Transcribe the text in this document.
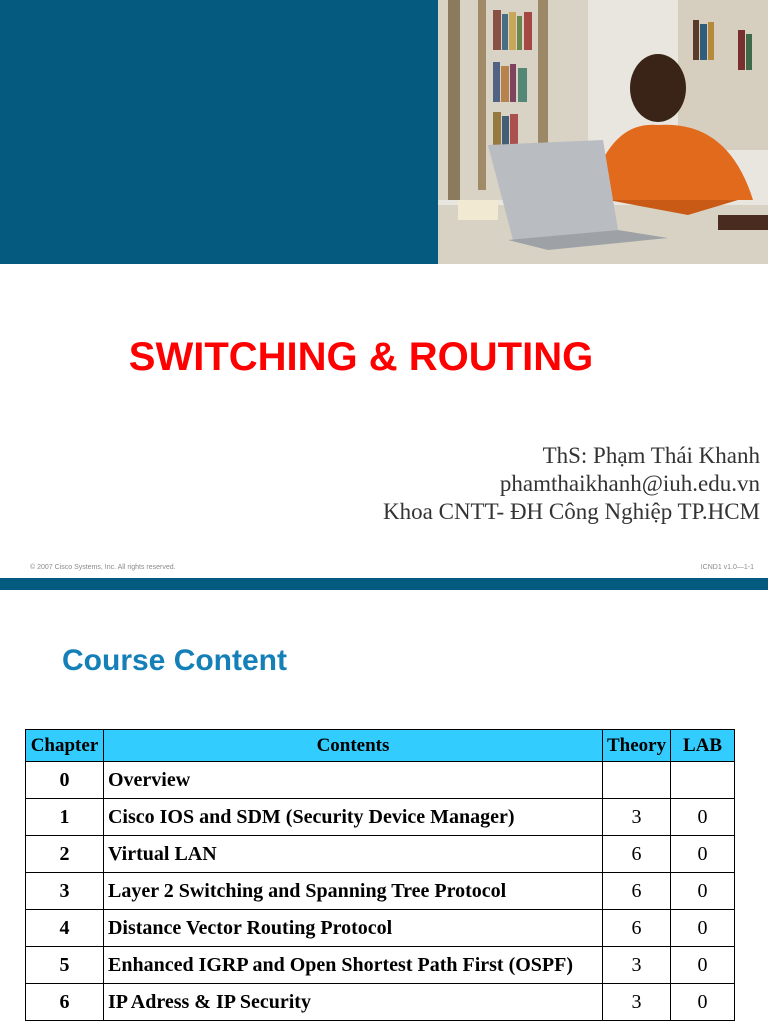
SWITCHING & ROUTING
ThS: Phạm Thái Khanh
phamthaikhanh@iuh.edu.vn
Khoa CNTT- ĐH Công Nghiệp TP.HCM
© 2007 Cisco Systems, Inc. All rights reserved.	ICND1 v1.0—1-1
Course Content
Chapter	Contents	Theory	LAB
0	Overview		
1	Cisco IOS and SDM (Security Device Manager)	3	0
2	Virtual LAN	6	0
3	Layer 2 Switching and Spanning Tree Protocol	6	0
4	Distance Vector Routing Protocol	6	0
5	Enhanced IGRP and Open Shortest Path First (OSPF)	3	0
6	IP Adress & IP Security	3	0
